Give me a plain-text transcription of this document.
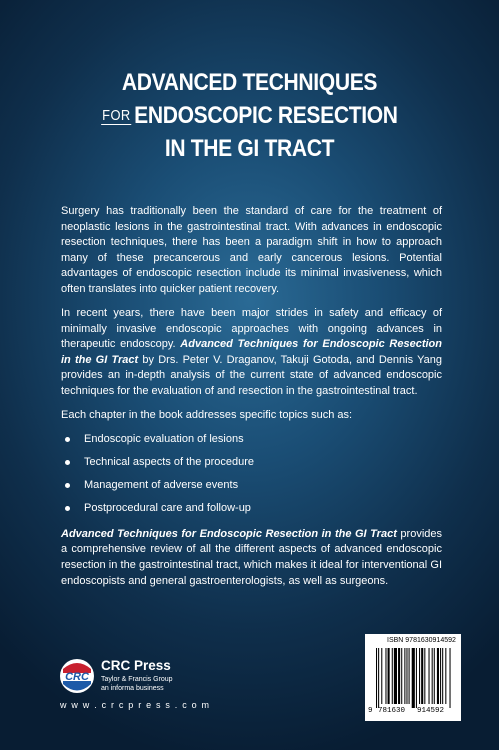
ADVANCED TECHNIQUES
FOR ENDOSCOPIC RESECTION
IN THE GI TRACT

Surgery has traditionally been the standard of care for the treatment of neoplastic lesions in the gastrointestinal tract. With advances in endoscopic resection techniques, there has been a paradigm shift in how to approach many of these precancerous and early cancerous lesions. Potential advantages of endoscopic resection include its minimal invasiveness, which often translates into quicker patient recovery.

In recent years, there have been major strides in safety and efficacy of minimally invasive endoscopic approaches with ongoing advances in therapeutic endoscopy. Advanced Techniques for Endoscopic Resection in the GI Tract by Drs. Peter V. Draganov, Takuji Gotoda, and Dennis Yang provides an in-depth analysis of the current state of advanced endoscopic techniques for the evaluation of and resection in the gastrointestinal tract.

Each chapter in the book addresses specific topics such as:

Endoscopic evaluation of lesions
Technical aspects of the procedure
Management of adverse events
Postprocedural care and follow-up

Advanced Techniques for Endoscopic Resection in the GI Tract provides a comprehensive review of all the different aspects of advanced endoscopic resection in the gastrointestinal tract, which makes it ideal for interventional GI endoscopists and general gastroenterologists, as well as surgeons.

CRC
CRC Press
Taylor & Francis Group
an informa business
w w w . c r c p r e s s . c o m
ISBN 9781630914592
9 781630 914592
